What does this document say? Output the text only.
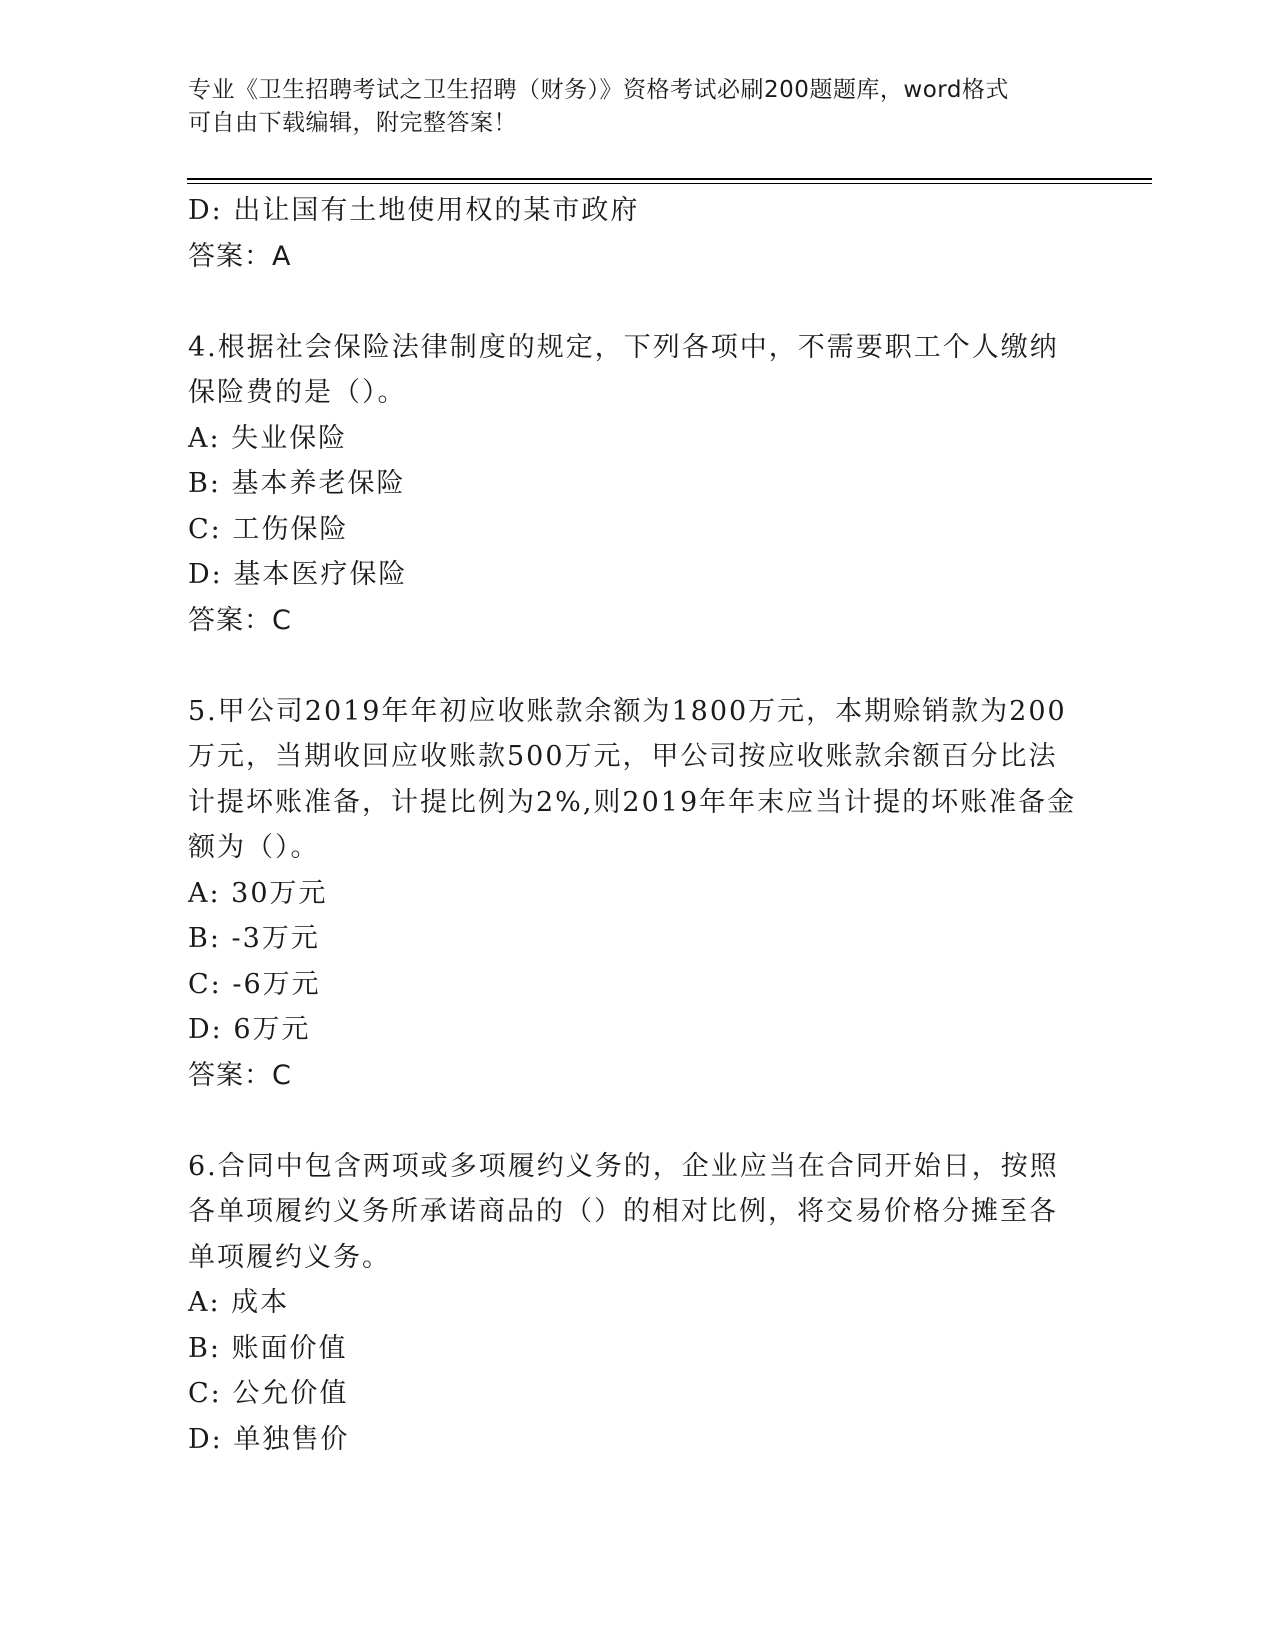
专业《卫生招聘考试之卫生招聘（财务）》资格考试必刷200题题库，word格式
可自由下载编辑，附完整答案！
D: 出让国有土地使用权的某市政府
答案：A
4.根据社会保险法律制度的规定，下列各项中，不需要职工个人缴纳
保险费的是（）。
A: 失业保险
B: 基本养老保险
C: 工伤保险
D: 基本医疗保险
答案：C
5.甲公司2019年年初应收账款余额为1800万元，本期赊销款为200
万元，当期收回应收账款500万元，甲公司按应收账款余额百分比法
计提坏账准备，计提比例为2%,则2019年年末应当计提的坏账准备金
额为（）。
A: 30万元
B: -3万元
C: -6万元
D: 6万元
答案：C
6.合同中包含两项或多项履约义务的，企业应当在合同开始日，按照
各单项履约义务所承诺商品的（）的相对比例，将交易价格分摊至各
单项履约义务。
A: 成本
B: 账面价值
C: 公允价值
D: 单独售价
